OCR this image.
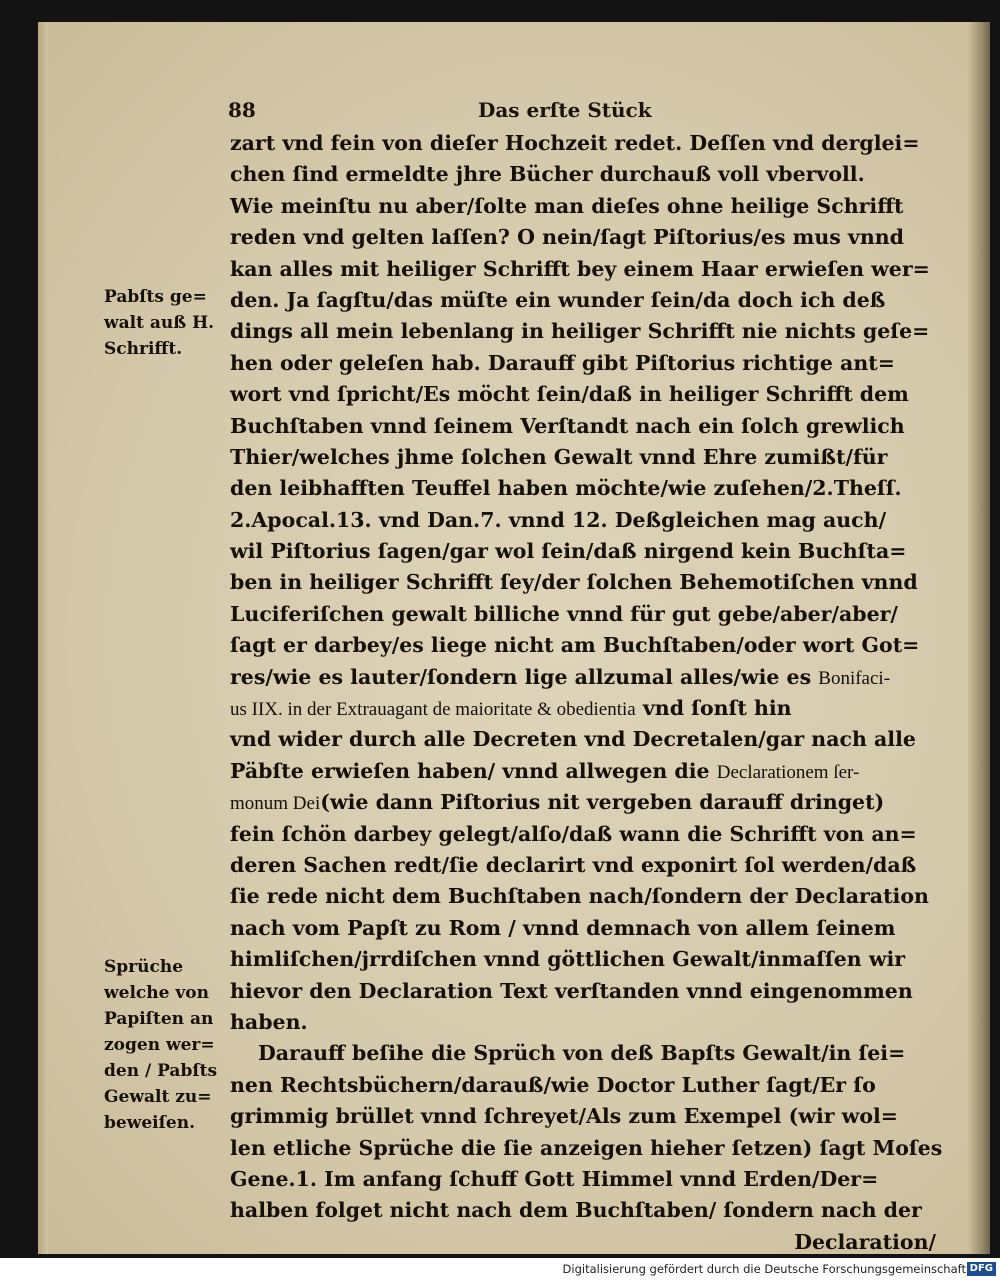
88	Das erſte Stück
Pabſts ge=
walt auß H.
Schrifft.
Sprüche
welche von
Papiſten an
zogen wer=
den / Pabſts
Gewalt zu=
beweiſen.
zart vnd fein von dieſer Hochzeit redet. Deſſen vnd derglei=
chen ſind ermeldte jhre Bücher durchauß voll vbervoll.
Wie meinſtu nu aber/ſolte man dieſes ohne heilige Schrifft
reden vnd gelten laſſen? O nein/ſagt Piſtorius/es mus vnnd
kan alles mit heiliger Schrifft bey einem Haar erwieſen wer=
den. Ja ſagſtu/das müſte ein wunder ſein/da doch ich deß
dings all mein lebenlang in heiliger Schrifft nie nichts geſe=
hen oder geleſen hab. Darauff gibt Piſtorius richtige ant=
wort vnd ſpricht/Es möcht ſein/daß in heiliger Schrifft dem
Buchſtaben vnnd ſeinem Verſtandt nach ein ſolch grewlich
Thier/welches jhme ſolchen Gewalt vnnd Ehre zumißt/für
den leibhafften Teuffel haben möchte/wie zuſehen/2.Theſſ.
2.Apocal.13. vnd Dan.7. vnnd 12. Deßgleichen mag auch/
wil Piſtorius ſagen/gar wol ſein/daß nirgend kein Buchſta=
ben in heiliger Schrifft ſey/der ſolchen Behemotiſchen vnnd
Luciferiſchen gewalt billiche vnnd für gut gebe/aber/aber/
ſagt er darbey/es liege nicht am Buchſtaben/oder wort Got=
res/wie es lauter/ſondern lige allzumal alles/wie es Bonifaci-
us IIX. in der Extrauagant de maioritate & obedientia vnd ſonſt hin
vnd wider durch alle Decreten vnd Decretalen/gar nach alle
Päbſte erwieſen haben/ vnnd allwegen die Declarationem ſer-
monum Dei(wie dann Piſtorius nit vergeben darauff dringet)
fein ſchön darbey gelegt/alſo/daß wann die Schrifft von an=
deren Sachen redt/ſie declarirt vnd exponirt ſol werden/daß
ſie rede nicht dem Buchſtaben nach/ſondern der Declaration
nach vom Papſt zu Rom / vnnd demnach von allem ſeinem
himliſchen/jrrdiſchen vnnd göttlichen Gewalt/inmaſſen wir
hievor den Declaration Text verſtanden vnnd eingenommen
haben.
Darauff beſihe die Sprüch von deß Bapſts Gewalt/in ſei=
nen Rechtsbüchern/darauß/wie Doctor Luther ſagt/Er ſo
grimmig brüllet vnnd ſchreyet/Als zum Exempel (wir wol=
len etliche Sprüche die ſie anzeigen hieher ſetzen) ſagt Moſes
Gene.1. Im anfang ſchuff Gott Himmel vnnd Erden/Der=
halben folget nicht nach dem Buchſtaben/ ſondern nach der
Declaration/
Digitalisierung gefördert durch die Deutsche Forschungsgemeinschaft DFG
